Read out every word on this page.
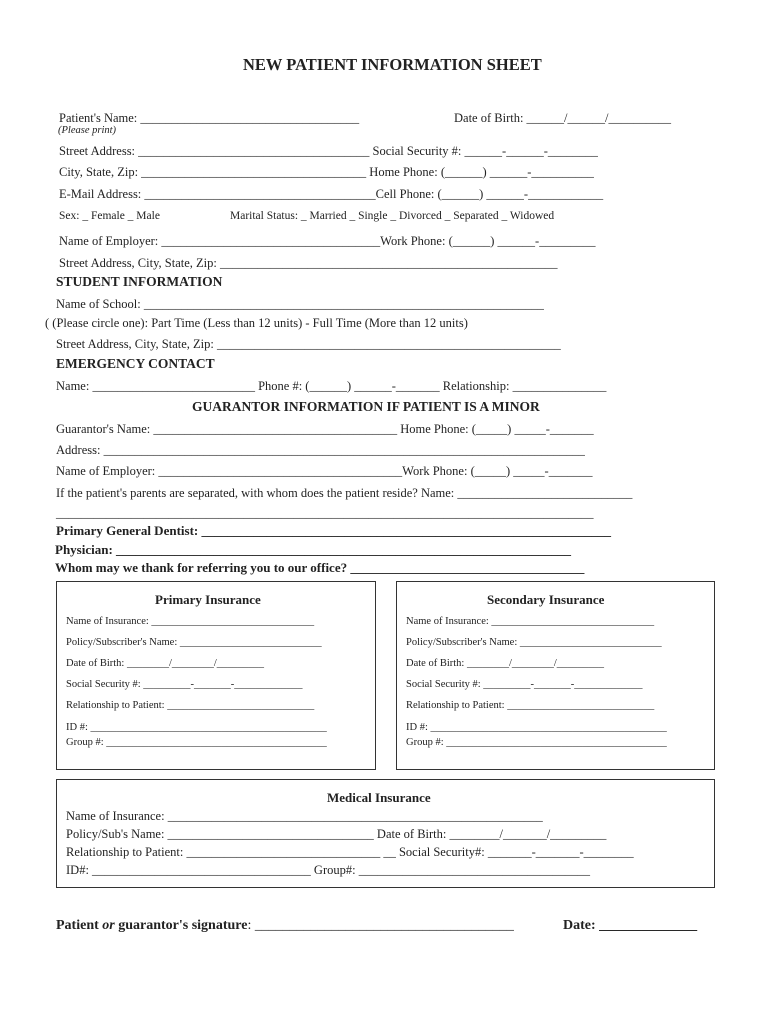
NEW PATIENT INFORMATION SHEET
Patient's Name: ___________________________________	Date of Birth: ______/______/__________
(Please print)
Street Address: _____________________________________ Social Security #: ______-______-________
City, State, Zip: ____________________________________ Home Phone: (______) ______-__________
E-Mail Address: _____________________________________Cell Phone: (______) ______-____________
Sex: _ Female _ Male	Marital Status: _ Married _ Single _ Divorced _ Separated _ Widowed
Name of Employer: ___________________________________Work Phone: (______) ______-_________
Street Address, City, State, Zip: ______________________________________________________
STUDENT INFORMATION
Name of School: ________________________________________________________________
( (Please circle one): Part Time (Less than 12 units) - Full Time (More than 12 units)
Street Address, City, State, Zip: _______________________________________________________
EMERGENCY CONTACT
Name: __________________________ Phone #: (______) ______-_______ Relationship: _______________
GUARANTOR INFORMATION IF PATIENT IS A MINOR
Guarantor's Name: _______________________________________ Home Phone: (_____) _____-_______
Address: _____________________________________________________________________________
Name of Employer: _______________________________________Work Phone: (_____) _____-_______
If the patient's parents are separated, with whom does the patient reside? Name: ____________________________
______________________________________________________________________________________
Primary General Dentist: _______________________________________________________________
Physician: ______________________________________________________________________
Whom may we thank for referring you to our office? ____________________________________
Primary Insurance
Name of Insurance: _______________________________
Policy/Subscriber's Name: ___________________________
Date of Birth: ________/________/_________
Social Security #: _________-_______-_____________
Relationship to Patient: ____________________________
ID #: _____________________________________________
Group #: __________________________________________
Secondary Insurance
Name of Insurance: _______________________________
Policy/Subscriber's Name: ___________________________
Date of Birth: ________/________/_________
Social Security #: _________-_______-_____________
Relationship to Patient: ____________________________
ID #: _____________________________________________
Group #: __________________________________________
Medical Insurance
Name of Insurance: ____________________________________________________________
Policy/Sub's Name: _________________________________ Date of Birth: ________/_______/_________
Relationship to Patient: _______________________________ __ Social Security#: _______-_______-________
ID#: ___________________________________ Group#: _____________________________________
Patient or guarantor's signature: _____________________________________	Date: ______________
